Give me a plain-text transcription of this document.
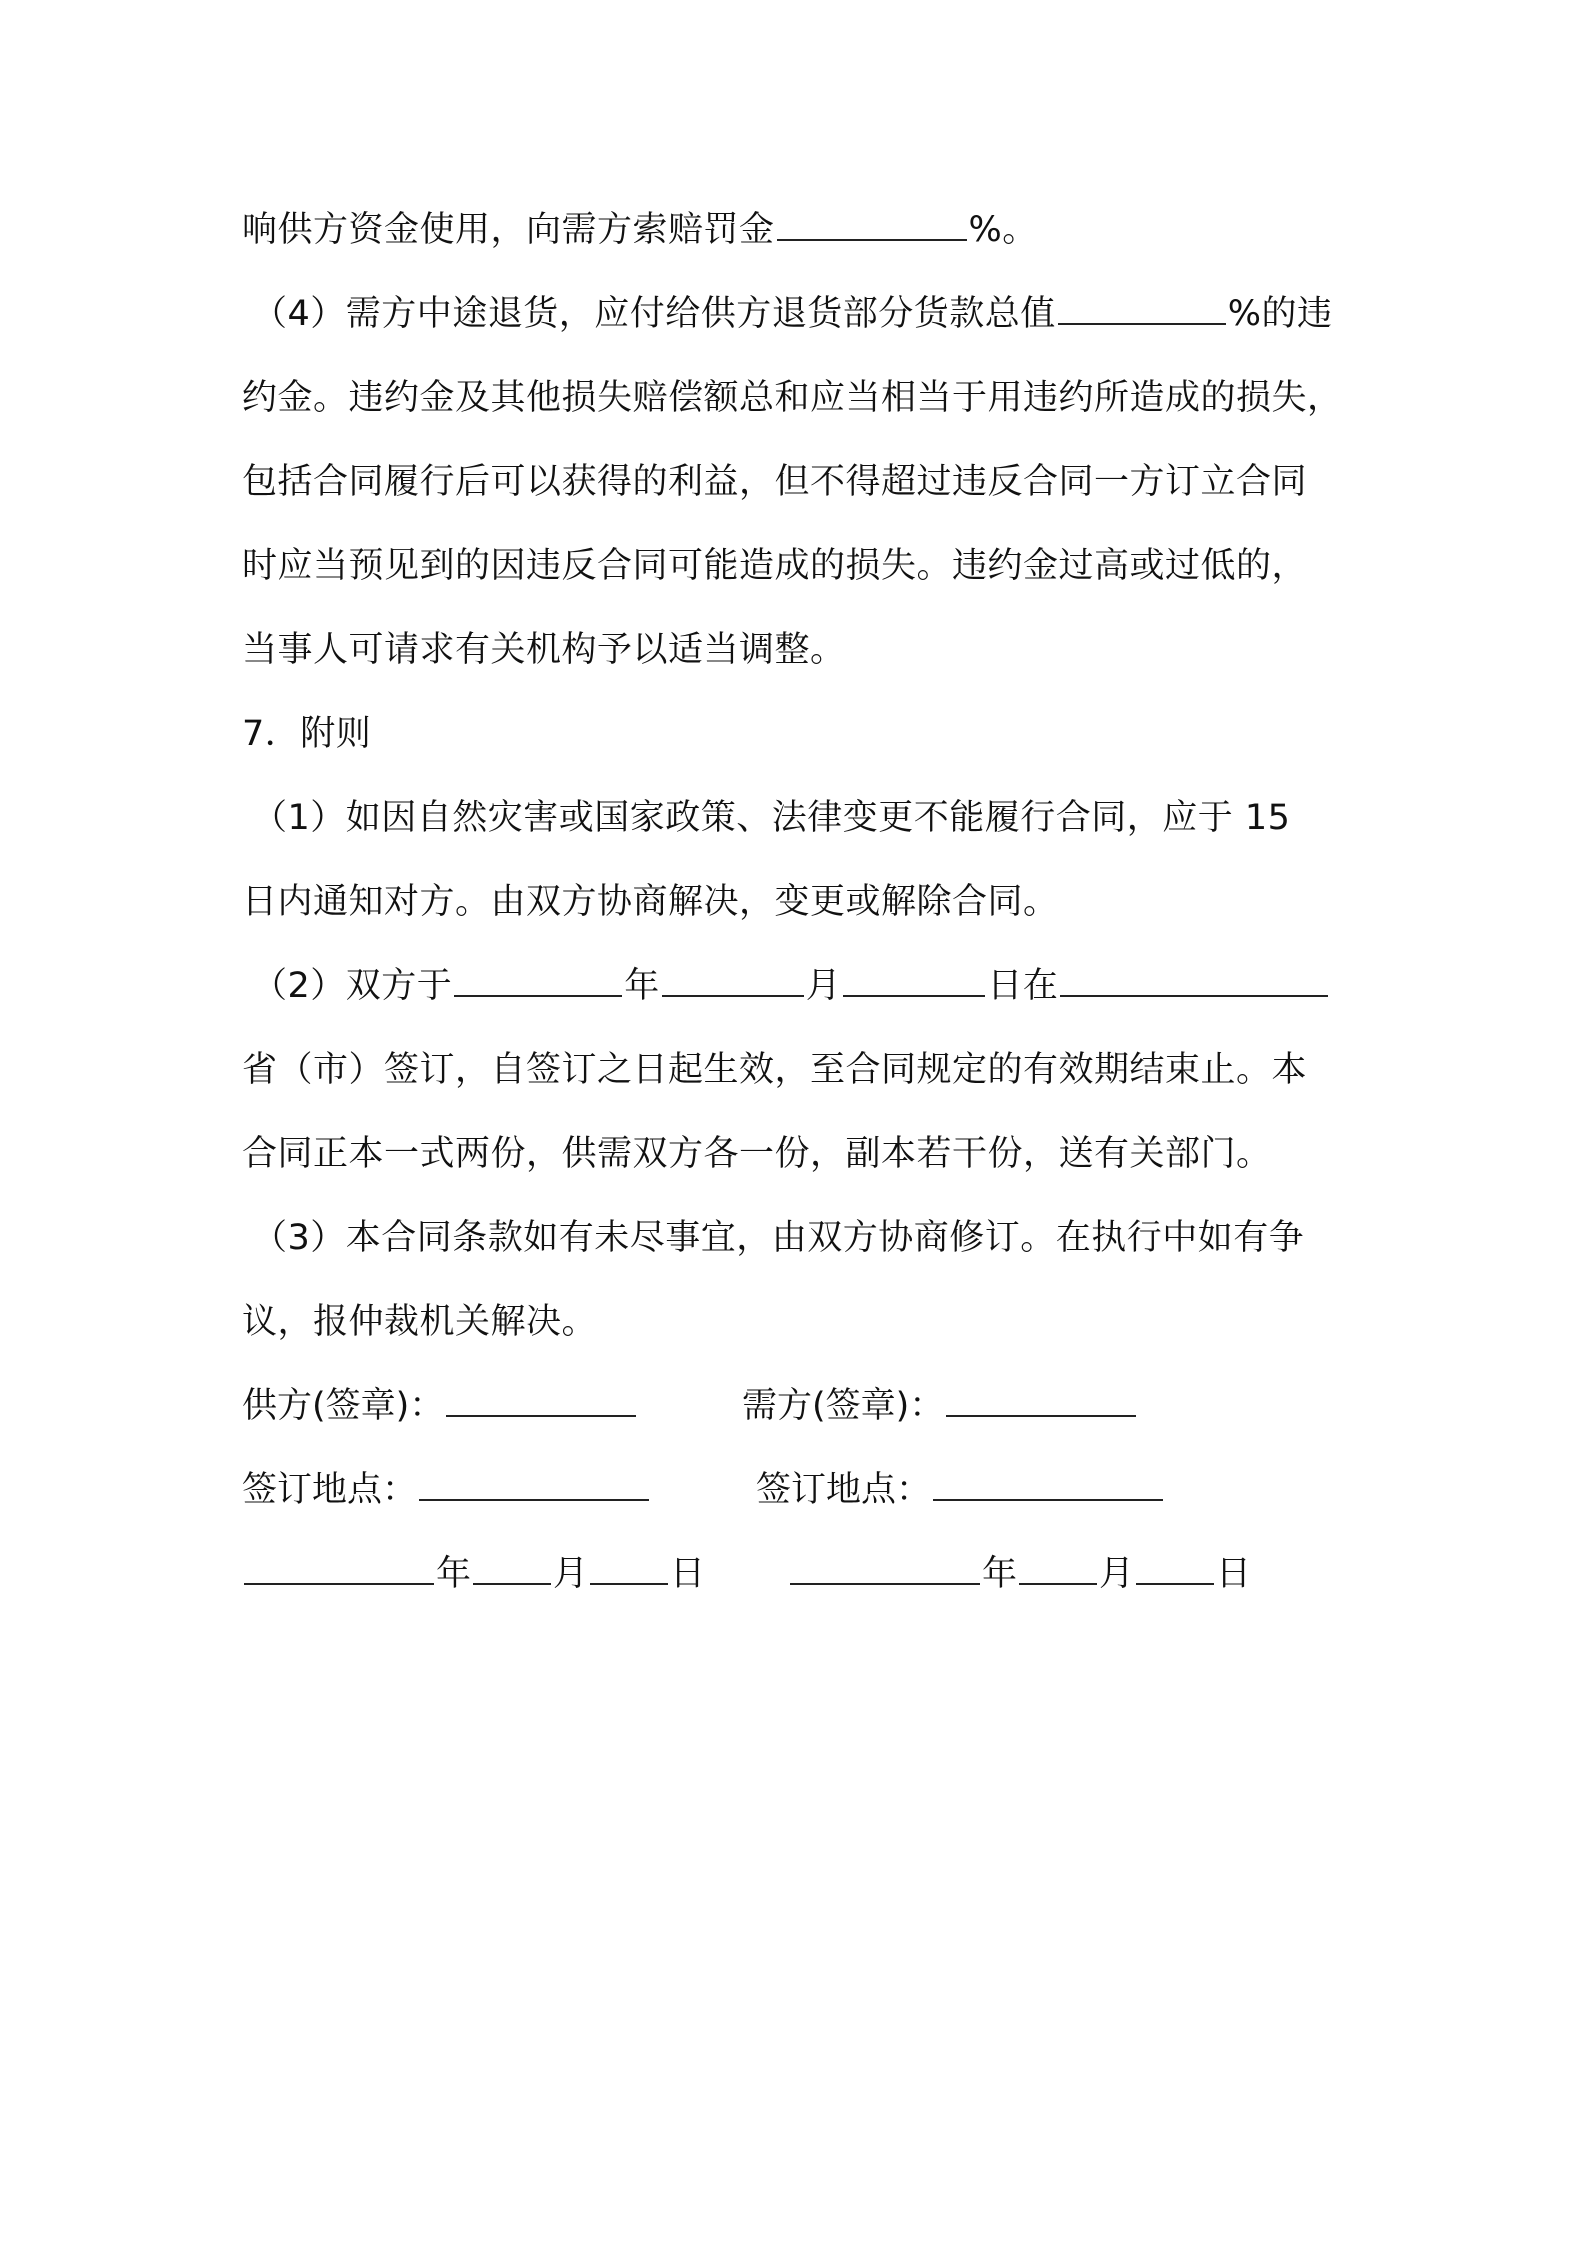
响供方资金使用，向需方索赔罚金	%。
（4）需方中途退货，应付给供方退货部分货款总值	%的违
约金。违约金及其他损失赔偿额总和应当相当于用违约所造成的损失，
包括合同履行后可以获得的利益，但不得超过违反合同一方订立合同
时应当预见到的因违反合同可能造成的损失。违约金过高或过低的，
当事人可请求有关机构予以适当调整。
7．附则
（1）如因自然灾害或国家政策、法律变更不能履行合同，应于 15
日内通知对方。由双方协商解决，变更或解除合同。
（2）双方于	年	月	日在
省（市）签订，自签订之日起生效，至合同规定的有效期结束止。本
合同正本一式两份，供需双方各一份，副本若干份，送有关部门。
（3）本合同条款如有未尽事宜，由双方协商修订。在执行中如有争
议，报仲裁机关解决。
供方(签章)：	需方(签章)：
签订地点：	签订地点：
年 月 日	年 月 日
